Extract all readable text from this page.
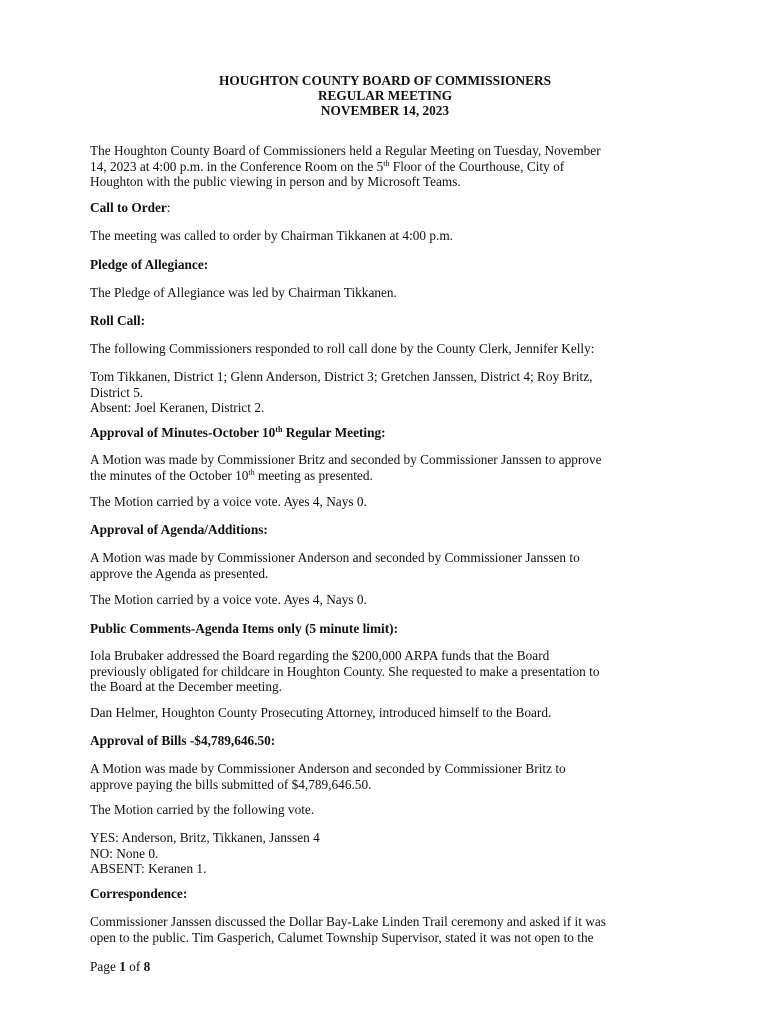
HOUGHTON COUNTY BOARD OF COMMISSIONERS
REGULAR MEETING
NOVEMBER 14, 2023
The Houghton County Board of Commissioners held a Regular Meeting on Tuesday, November
14, 2023 at 4:00 p.m. in the Conference Room on the 5th Floor of the Courthouse, City of
Houghton with the public viewing in person and by Microsoft Teams.
Call to Order:
The meeting was called to order by Chairman Tikkanen at 4:00 p.m.
Pledge of Allegiance:
The Pledge of Allegiance was led by Chairman Tikkanen.
Roll Call:
The following Commissioners responded to roll call done by the County Clerk, Jennifer Kelly:
Tom Tikkanen, District 1; Glenn Anderson, District 3; Gretchen Janssen, District 4; Roy Britz,
District 5.
Absent: Joel Keranen, District 2.
Approval of Minutes-October 10th Regular Meeting:
A Motion was made by Commissioner Britz and seconded by Commissioner Janssen to approve
the minutes of the October 10th meeting as presented.
The Motion carried by a voice vote. Ayes 4, Nays 0.
Approval of Agenda/Additions:
A Motion was made by Commissioner Anderson and seconded by Commissioner Janssen to
approve the Agenda as presented.
The Motion carried by a voice vote. Ayes 4, Nays 0.
Public Comments-Agenda Items only (5 minute limit):
Iola Brubaker addressed the Board regarding the $200,000 ARPA funds that the Board
previously obligated for childcare in Houghton County. She requested to make a presentation to
the Board at the December meeting.
Dan Helmer, Houghton County Prosecuting Attorney, introduced himself to the Board.
Approval of Bills -$4,789,646.50:
A Motion was made by Commissioner Anderson and seconded by Commissioner Britz to
approve paying the bills submitted of $4,789,646.50.
The Motion carried by the following vote.
YES: Anderson, Britz, Tikkanen, Janssen 4
NO: None 0.
ABSENT: Keranen 1.
Correspondence:
Commissioner Janssen discussed the Dollar Bay-Lake Linden Trail ceremony and asked if it was
open to the public. Tim Gasperich, Calumet Township Supervisor, stated it was not open to the
Page 1 of 8
